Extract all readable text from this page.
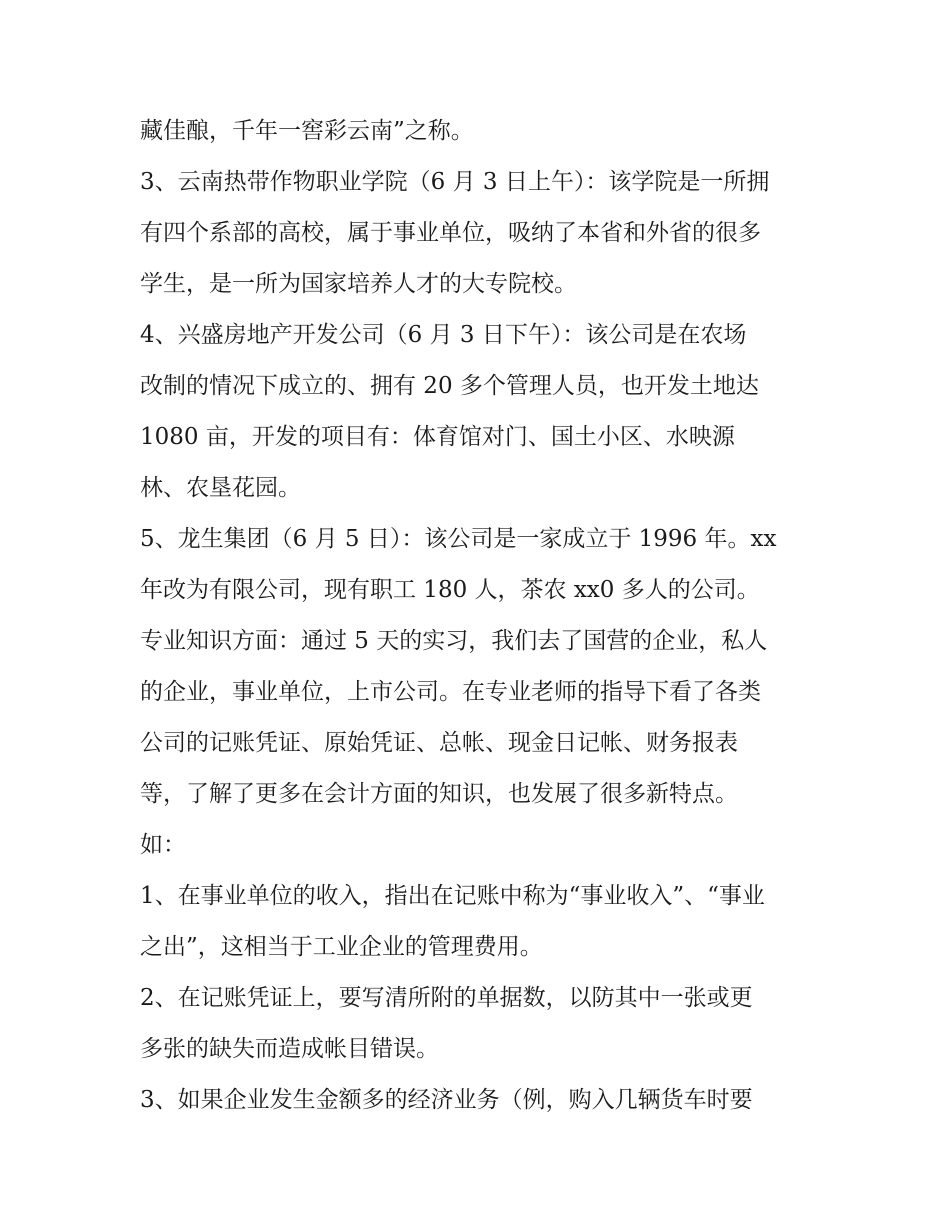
藏佳酿，千年一窖彩云南”之称。
3、云南热带作物职业学院（6 月 3 日上午）：该学院是一所拥
有四个系部的高校，属于事业单位，吸纳了本省和外省的很多
学生，是一所为国家培养人才的大专院校。
4、兴盛房地产开发公司（6 月 3 日下午）：该公司是在农场
改制的情况下成立的、拥有 20 多个管理人员，也开发土地达
1080 亩，开发的项目有：体育馆对门、国土小区、水映源
林、农垦花园。
5、龙生集团（6 月 5 日）：该公司是一家成立于 1996 年。xx
年改为有限公司，现有职工 180 人，茶农 xx0 多人的公司。
专业知识方面：通过 5 天的实习，我们去了国营的企业，私人
的企业，事业单位，上市公司。在专业老师的指导下看了各类
公司的记账凭证、原始凭证、总帐、现金日记帐、财务报表
等，了解了更多在会计方面的知识，也发展了很多新特点。
如：
1、在事业单位的收入，指出在记账中称为“事业收入”、“事业
之出”，这相当于工业企业的管理费用。
2、在记账凭证上，要写清所附的单据数，以防其中一张或更
多张的缺失而造成帐目错误。
3、如果企业发生金额多的经济业务（例，购入几辆货车时要
